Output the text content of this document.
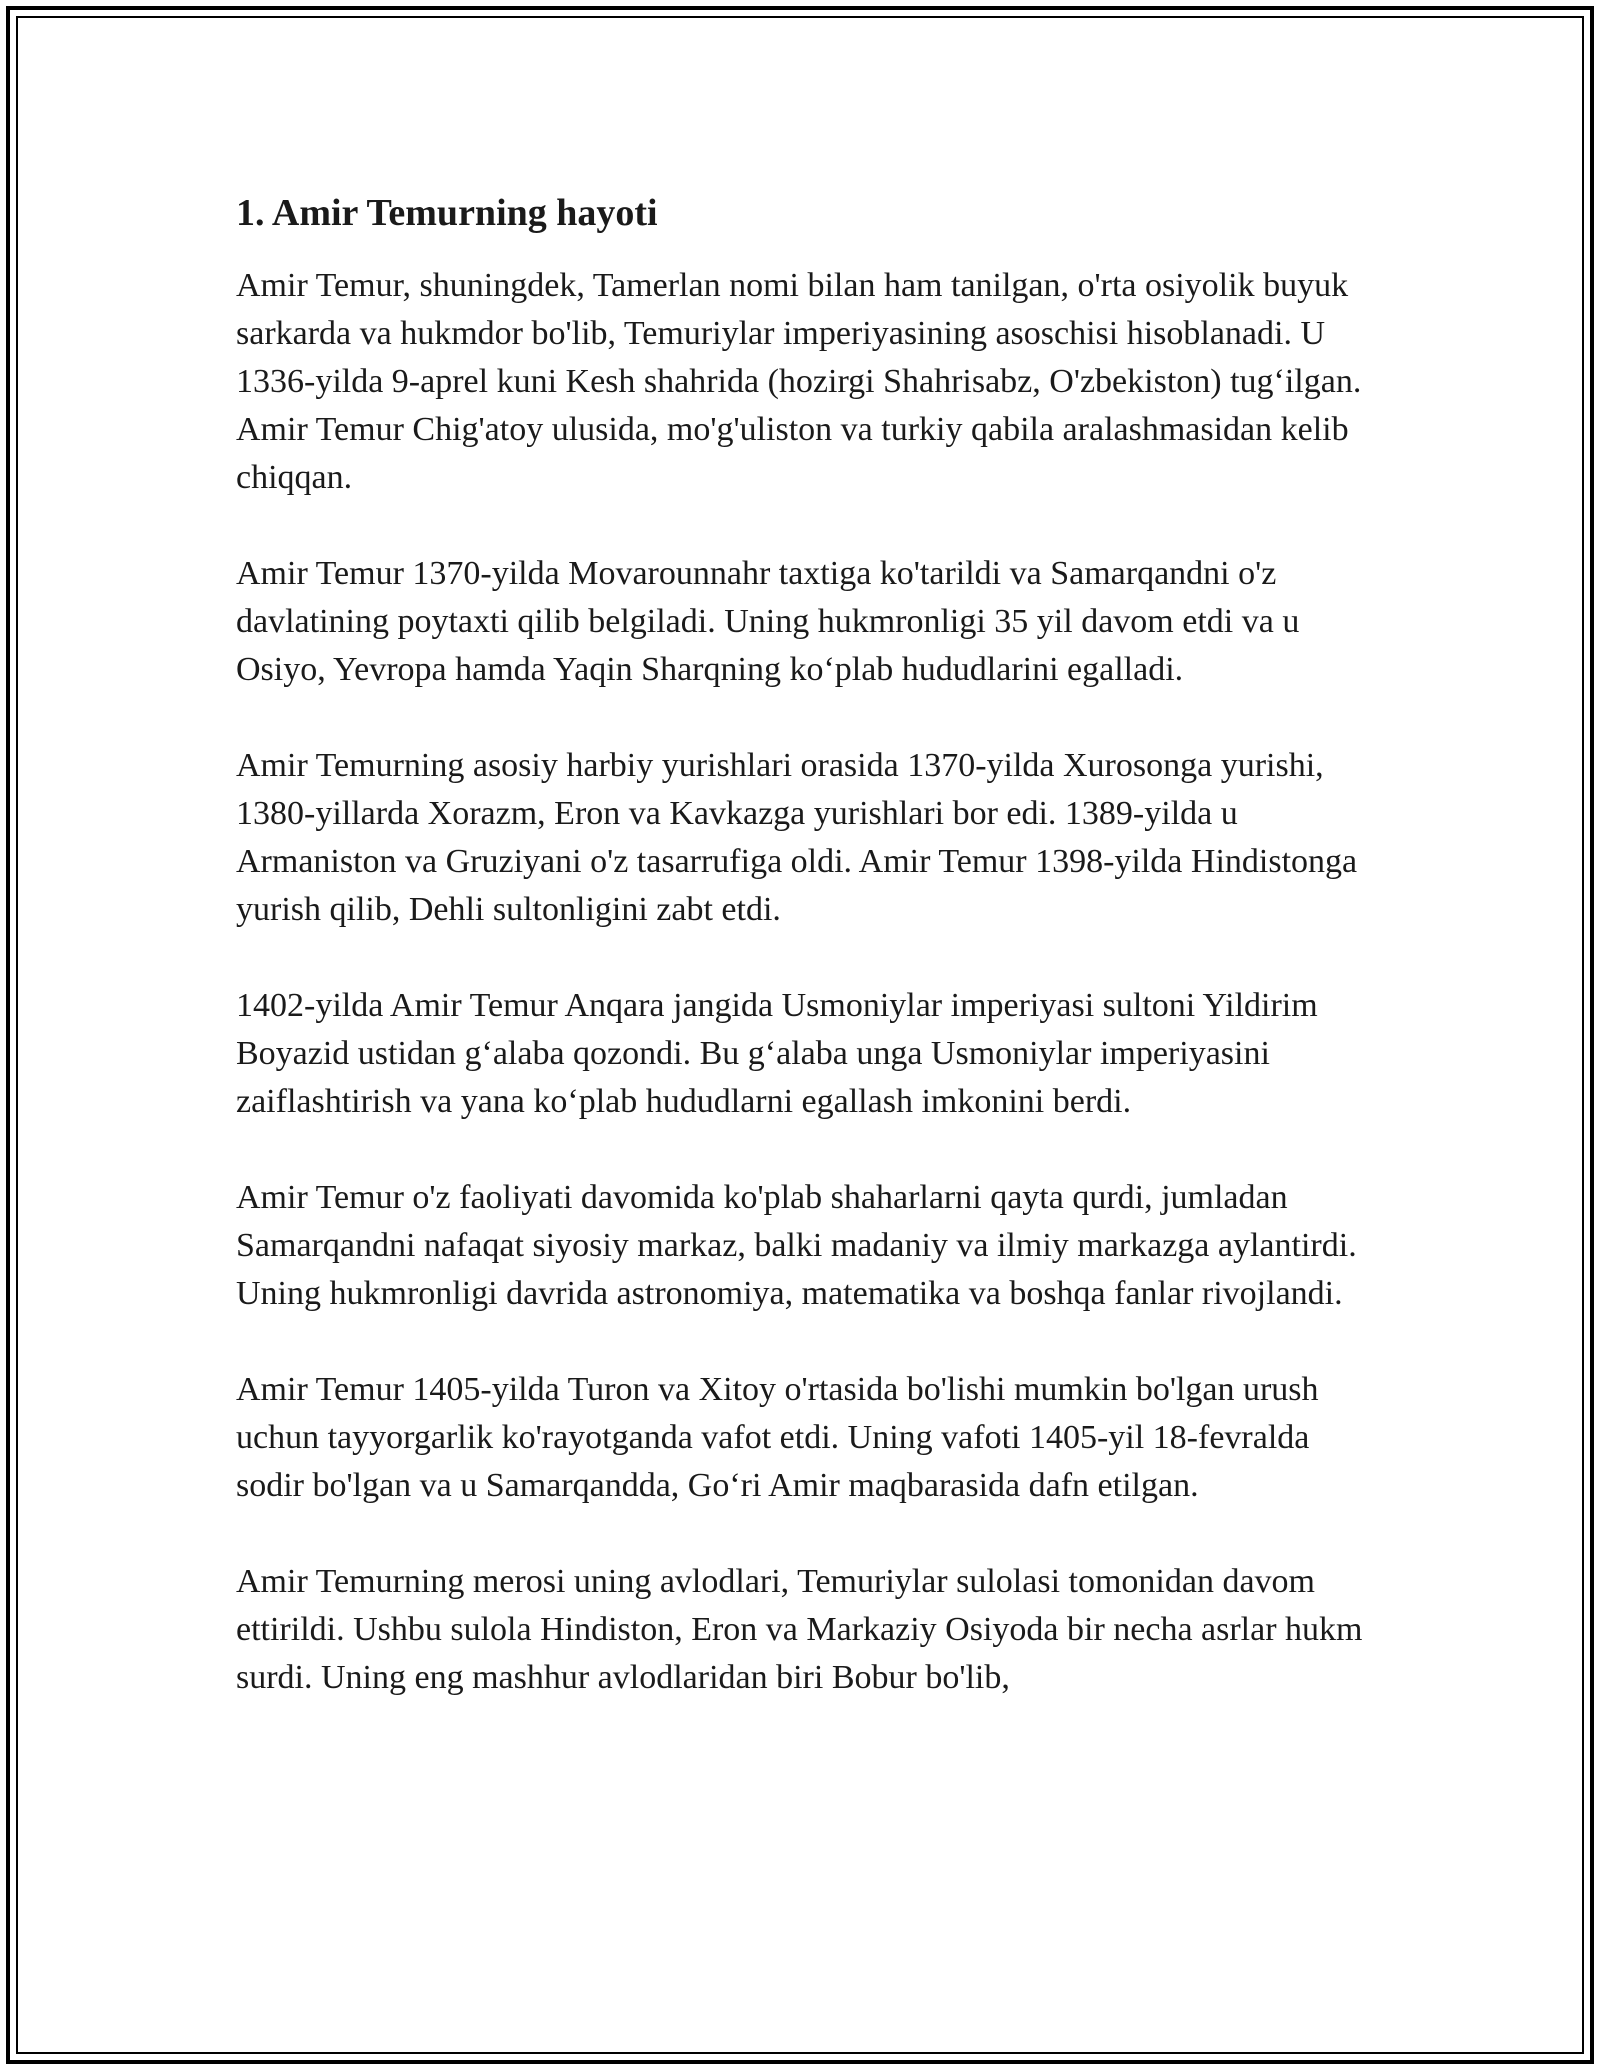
1. Amir Temurning hayoti

Amir Temur, shuningdek, Tamerlan nomi bilan ham tanilgan, o'rta osiyolik buyuk sarkarda va hukmdor bo'lib, Temuriylar imperiyasining asoschisi hisoblanadi. U 1336-yilda 9-aprel kuni Kesh shahrida (hozirgi Shahrisabz, O'zbekiston) tug‘ilgan. Amir Temur Chig'atoy ulusida, mo'g'uliston va turkiy qabila aralashmasidan kelib chiqqan.

Amir Temur 1370-yilda Movarounnahr taxtiga ko'tarildi va Samarqandni o'z davlatining poytaxti qilib belgiladi. Uning hukmronligi 35 yil davom etdi va u Osiyo, Yevropa hamda Yaqin Sharqning ko‘plab hududlarini egalladi.

Amir Temurning asosiy harbiy yurishlari orasida 1370-yilda Xurosonga yurishi, 1380-yillarda Xorazm, Eron va Kavkazga yurishlari bor edi. 1389-yilda u Armaniston va Gruziyani o'z tasarrufiga oldi. Amir Temur 1398-yilda Hindistonga yurish qilib, Dehli sultonligini zabt etdi.

1402-yilda Amir Temur Anqara jangida Usmoniylar imperiyasi sultoni Yildirim Boyazid ustidan g‘alaba qozondi. Bu g‘alaba unga Usmoniylar imperiyasini zaiflashtirish va yana ko‘plab hududlarni egallash imkonini berdi.

Amir Temur o'z faoliyati davomida ko'plab shaharlarni qayta qurdi, jumladan Samarqandni nafaqat siyosiy markaz, balki madaniy va ilmiy markazga aylantirdi. Uning hukmronligi davrida astronomiya, matematika va boshqa fanlar rivojlandi.

Amir Temur 1405-yilda Turon va Xitoy o'rtasida bo'lishi mumkin bo'lgan urush uchun tayyorgarlik ko'rayotganda vafot etdi. Uning vafoti 1405-yil 18-fevralda sodir bo'lgan va u Samarqandda, Go‘ri Amir maqbarasida dafn etilgan.

Amir Temurning merosi uning avlodlari, Temuriylar sulolasi tomonidan davom ettirildi. Ushbu sulola Hindiston, Eron va Markaziy Osiyoda bir necha asrlar hukm surdi. Uning eng mashhur avlodlaridan biri Bobur bo'lib,
